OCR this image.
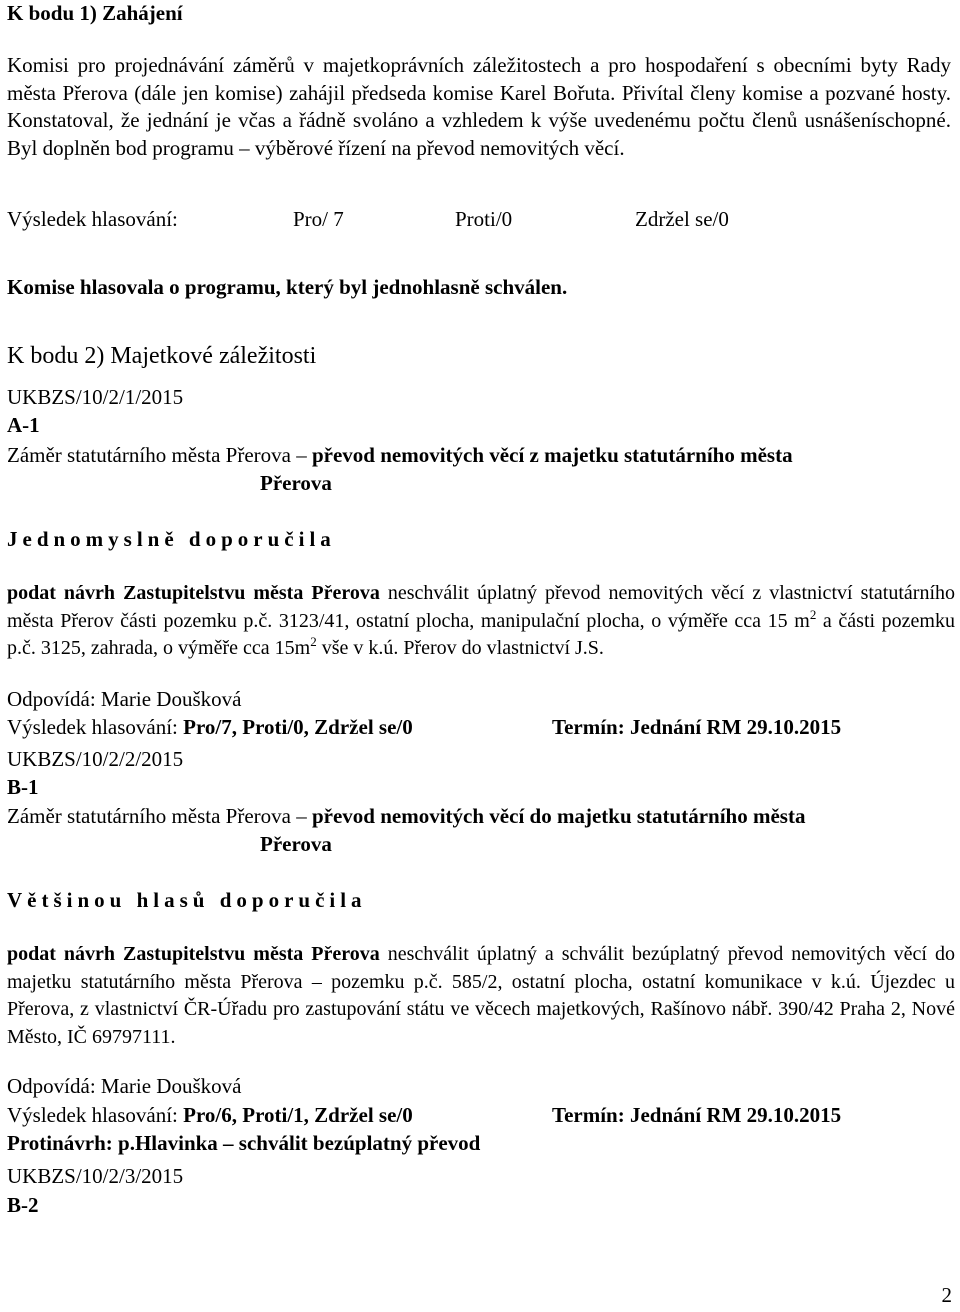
K bodu 1) Zahájení
Komisi pro projednávání záměrů v majetkoprávních záležitostech a pro hospodaření s obecními byty Rady města Přerova (dále jen komise) zahájil předseda komise Karel Bořuta. Přivítal členy komise a pozvané hosty. Konstatoval, že jednání je včas a řádně svoláno a vzhledem k výše uvedenému počtu členů usnášeníschopné. Byl doplněn bod programu – výběrové řízení na převod nemovitých věcí.
Výsledek hlasování:	Pro/ 7	Proti/0	Zdržel se/0
Komise hlasovala o programu, který byl jednohlasně schválen.
K bodu 2) Majetkové záležitosti
UKBZS/10/2/1/2015
A-1
Záměr statutárního města Přerova – převod nemovitých věcí z majetku statutárního města
Přerova
Jednomyslně doporučila
podat návrh Zastupitelstvu města Přerova neschválit úplatný převod nemovitých věcí z vlastnictví statutárního města Přerov části pozemku p.č. 3123/41, ostatní plocha, manipulační plocha, o výměře cca 15 $m^2$ a části pozemku p.č. 3125, zahrada, o výměře cca $15m^2$ vše v k.ú. Přerov do vlastnictví J.S.
Odpovídá: Marie Doušková
Výsledek hlasování: Pro/7, Proti/0, Zdržel se/0	Termín: Jednání RM 29.10.2015
UKBZS/10/2/2/2015
B-1
Záměr statutárního města Přerova – převod nemovitých věcí do majetku statutárního města
Přerova
Většinou hlasů doporučila
podat návrh Zastupitelstvu města Přerova neschválit úplatný a schválit bezúplatný převod nemovitých věcí do majetku statutárního města Přerova – pozemku p.č. 585/2, ostatní plocha, ostatní komunikace v k.ú. Újezdec u Přerova, z vlastnictví ČR-Úřadu pro zastupování státu ve věcech majetkových, Rašínovo nábř. 390/42 Praha 2, Nové Město, IČ 69797111.
Odpovídá: Marie Doušková
Výsledek hlasování: Pro/6, Proti/1, Zdržel se/0	Termín: Jednání RM 29.10.2015
Protinávrh: p.Hlavinka – schválit bezúplatný převod
UKBZS/10/2/3/2015
B-2
2
